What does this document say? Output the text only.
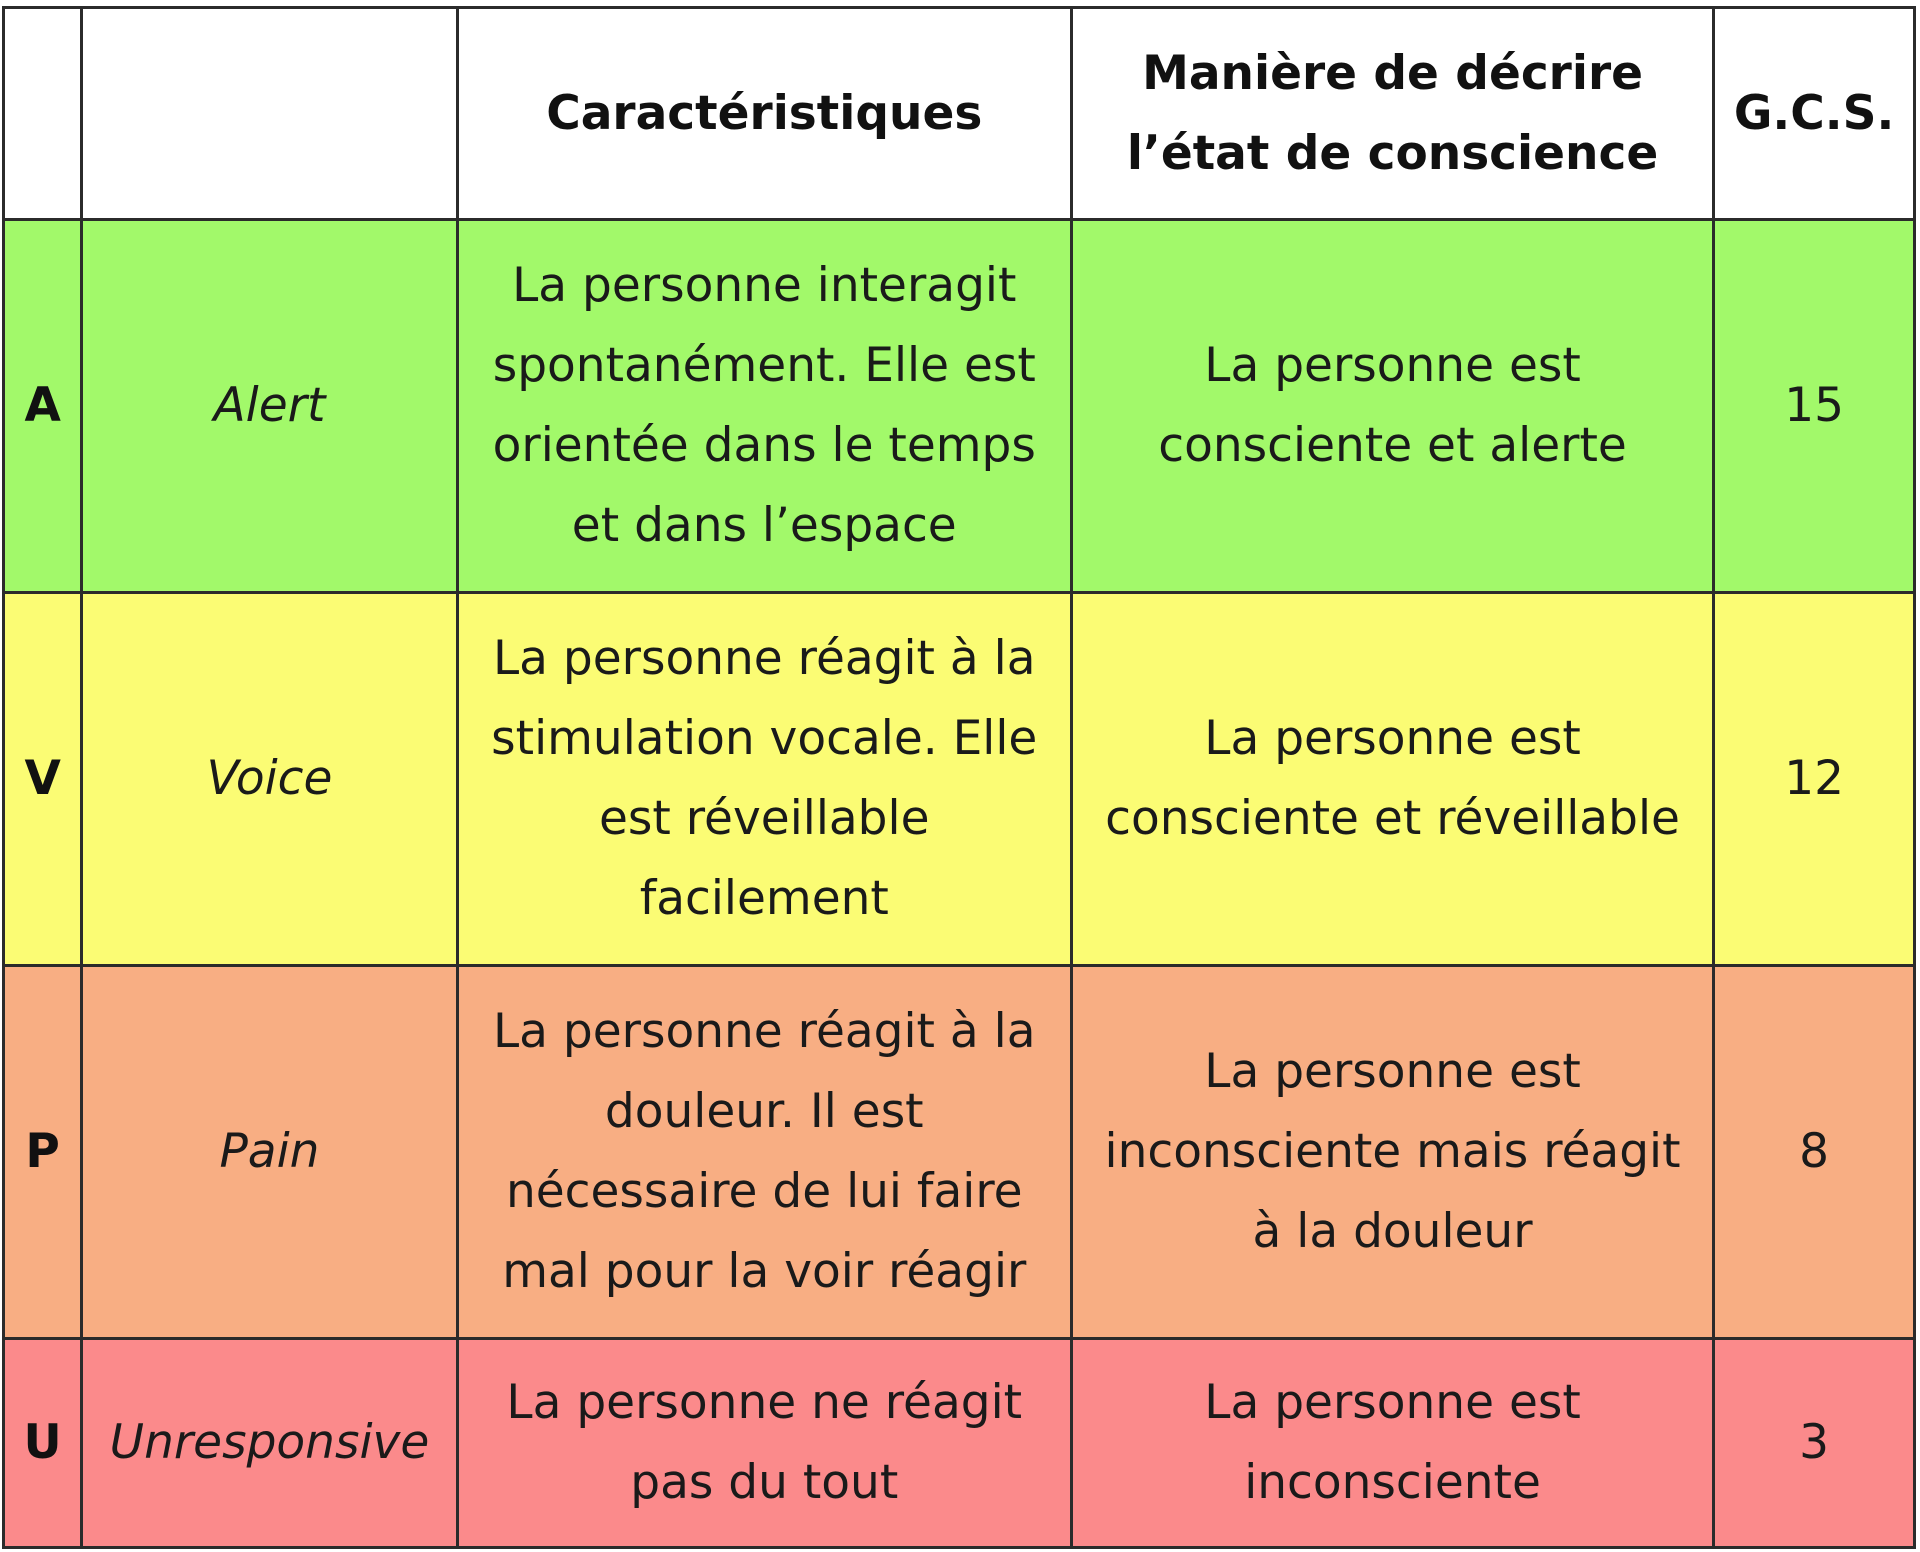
		Caractéristiques	Manière de décrire l’état de conscience	G.C.S.
A	Alert	La personne interagit spontanément. Elle est orientée dans le temps et dans l’espace	La personne est consciente et alerte	15
V	Voice	La personne réagit à la stimulation vocale. Elle est réveillable facilement	La personne est consciente et réveillable	12
P	Pain	La personne réagit à la douleur. Il est nécessaire de lui faire mal pour la voir réagir	La personne est inconsciente mais réagit à la douleur	8
U	Unresponsive	La personne ne réagit pas du tout	La personne est inconsciente	3
